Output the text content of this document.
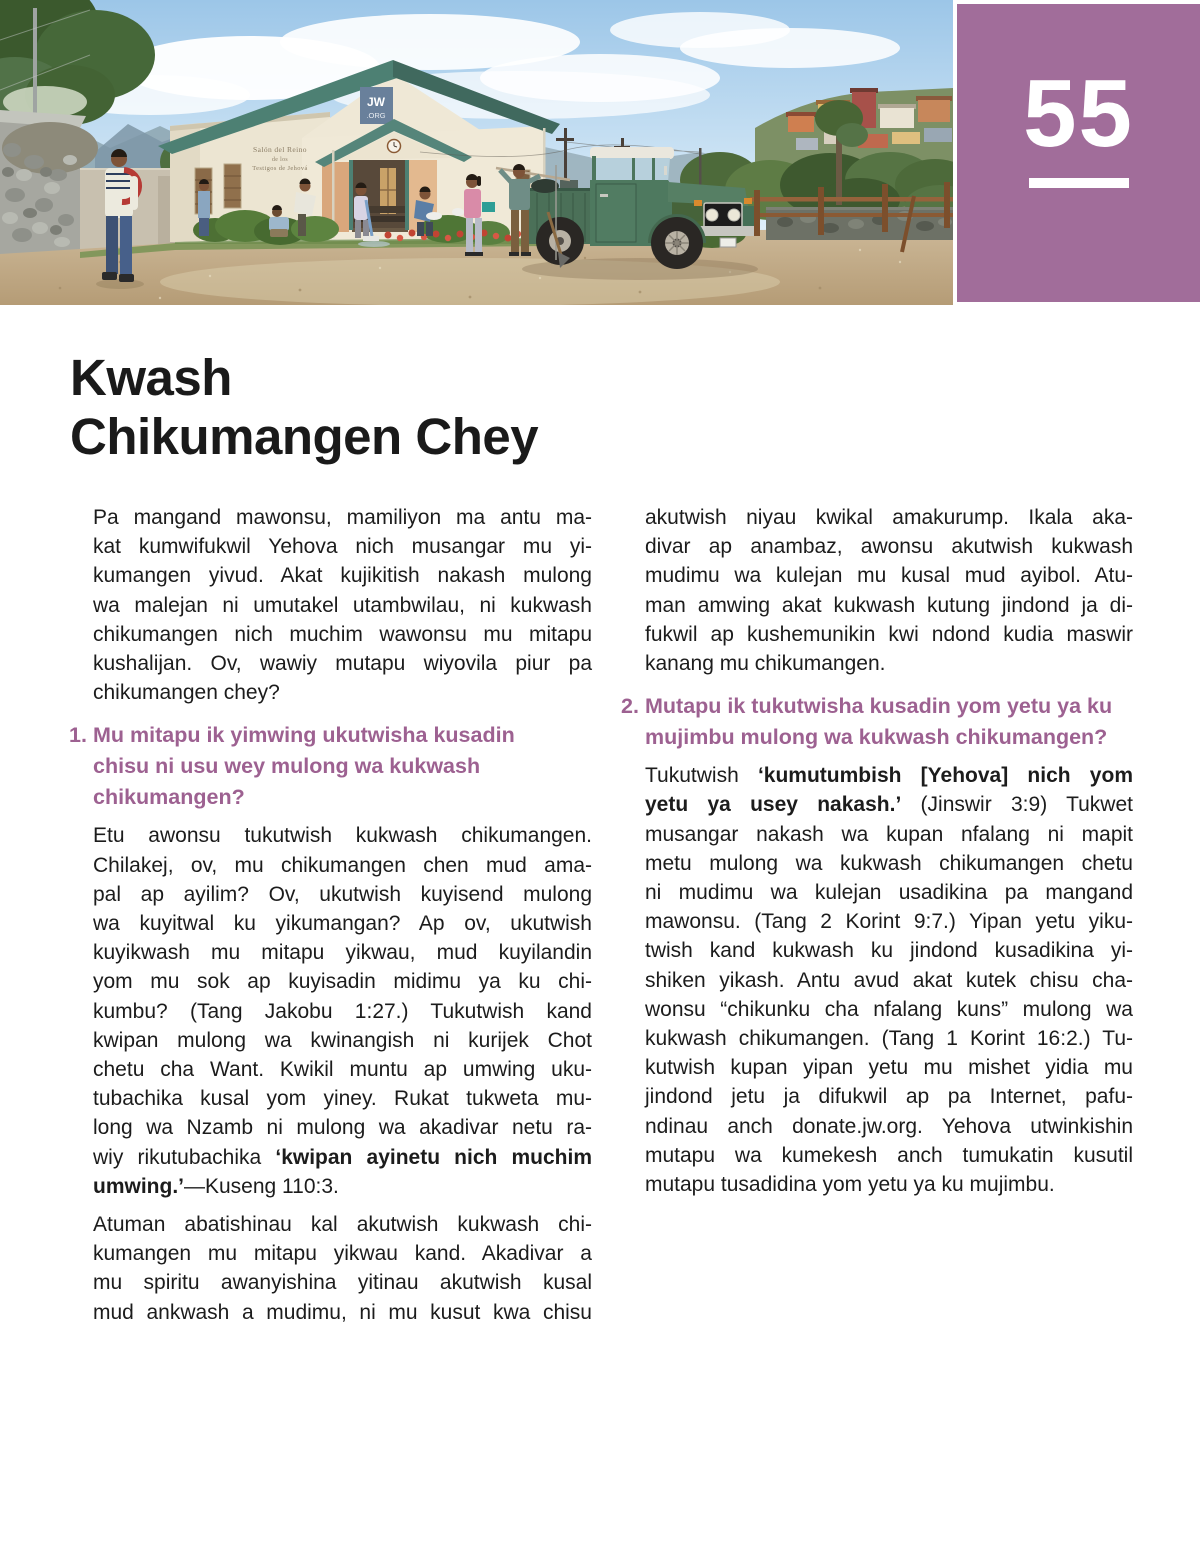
JW
.ORG
Salón del Reino
de los
Testigos de Jehová
55
Kwash
Chikumangen Chey
Pa mangand mawonsu, mamiliyon ma antu ma-
kat kumwifukwil Yehova nich musangar mu yi-
kumangen yivud. Akat kujikitish nakash mulong
wa malejan ni umutakel utambwilau, ni kukwash
chikumangen nich muchim wawonsu mu mitapu
kushalijan. Ov, wawiy mutapu wiyovila piur pa
chikumangen chey?
1. Mu mitapu ik yimwing ukutwisha kusadin
chisu ni usu wey mulong wa kukwash
chikumangen?
Etu awonsu tukutwish kukwash chikumangen.
Chilakej, ov, mu chikumangen chen mud ama-
pal ap ayilim? Ov, ukutwish kuyisend mulong
wa kuyitwal ku yikumangan? Ap ov, ukutwish
kuyikwash mu mitapu yikwau, mud kuyilandin
yom mu sok ap kuyisadin midimu ya ku chi-
kumbu? (Tang Jakobu 1:27.) Tukutwish kand
kwipan mulong wa kwinangish ni kurijek Chot
chetu cha Want. Kwikil muntu ap umwing uku-
tubachika kusal yom yiney. Rukat tukweta mu-
long wa Nzamb ni mulong wa akadivar netu ra-
wiy rikutubachika ‘kwipan ayinetu nich muchim
umwing.’—Kuseng 110:3.
Atuman abatishinau kal akutwish kukwash chi-
kumangen mu mitapu yikwau kand. Akadivar a
mu spiritu awanyishina yitinau akutwish kusal
mud ankwash a mudimu, ni mu kusut kwa chisu
akutwish niyau kwikal amakurump. Ikala aka-
divar ap anambaz, awonsu akutwish kukwash
mudimu wa kulejan mu kusal mud ayibol. Atu-
man amwing akat kukwash kutung jindond ja di-
fukwil ap kushemunikin kwi ndond kudia maswir
kanang mu chikumangen.
2. Mutapu ik tukutwisha kusadin yom yetu ya ku
mujimbu mulong wa kukwash chikumangen?
Tukutwish ‘kumutumbish [Yehova] nich yom
yetu ya usey nakash.’ (Jinswir 3:9) Tukwet
musangar nakash wa kupan nfalang ni mapit
metu mulong wa kukwash chikumangen chetu
ni mudimu wa kulejan usadikina pa mangand
mawonsu. (Tang 2 Korint 9:7.) Yipan yetu yiku-
twish kand kukwash ku jindond kusadikina yi-
shiken yikash. Antu avud akat kutek chisu cha-
wonsu “chikunku cha nfalang kuns” mulong wa
kukwash chikumangen. (Tang 1 Korint 16:2.) Tu-
kutwish kupan yipan yetu mu mishet yidia mu
jindond jetu ja difukwil ap pa Internet, pafu-
ndinau anch donate.jw.org. Yehova utwinkishin
mutapu wa kumekesh anch tumukatin kusutil
mutapu tusadidina yom yetu ya ku mujimbu.
